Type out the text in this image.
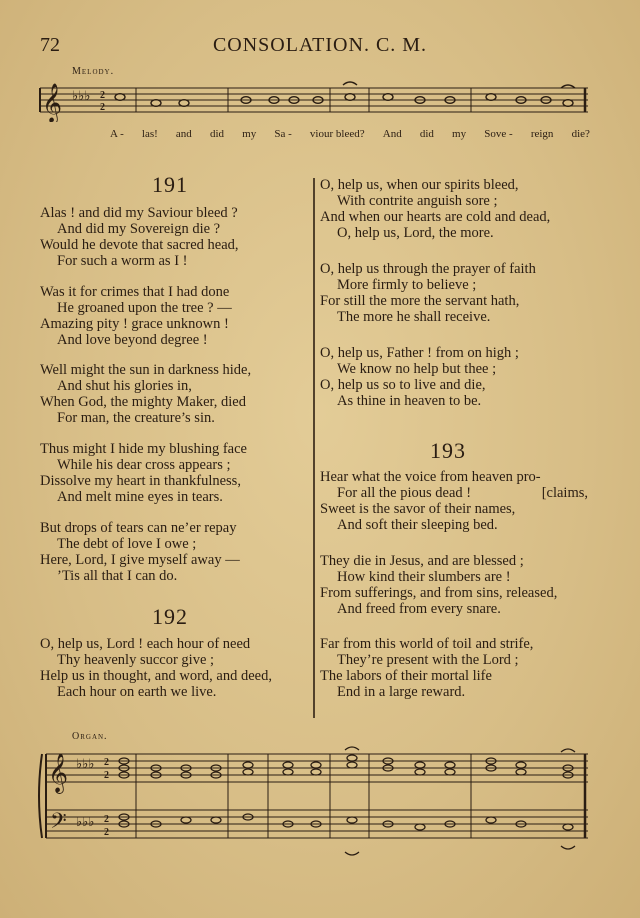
72	CONSOLATION. C. M.
Melody.
𝄞 ♭♭♭ 2
2
A - las! and did my Sa - viour bleed? And did my Sove - reign die?
191
Alas ! and did my Saviour bleed ?
And did my Sovereign die ?
Would he devote that sacred head,
For such a worm as I !
Was it for crimes that I had done
He groaned upon the tree ? —
Amazing pity ! grace unknown !
And love beyond degree !
Well might the sun in darkness hide,
And shut his glories in,
When God, the mighty Maker, died
For man, the creature’s sin.
Thus might I hide my blushing face
While his dear cross appears ;
Dissolve my heart in thankfulness,
And melt mine eyes in tears.
But drops of tears can ne’er repay
The debt of love I owe ;
Here, Lord, I give myself away —
’Tis all that I can do.
192
O, help us, Lord ! each hour of need
Thy heavenly succor give ;
Help us in thought, and word, and deed,
Each hour on earth we live.
O, help us, when our spirits bleed,
With contrite anguish sore ;
And when our hearts are cold and dead,
O, help us, Lord, the more.
O, help us through the prayer of faith
More firmly to believe ;
For still the more the servant hath,
The more he shall receive.
O, help us, Father ! from on high ;
We know no help but thee ;
O, help us so to live and die,
As thine in heaven to be.
193
Hear what the voice from heaven pro-
For all the pious dead !	[claims,
Sweet is the savor of their names,
And soft their sleeping bed.
They die in Jesus, and are blessed ;
How kind their slumbers are !
From sufferings, and from sins, released,
And freed from every snare.
Far from this world of toil and strife,
They’re present with the Lord ;
The labors of their mortal life
End in a large reward.
Organ.
𝄞
𝄢
♭♭♭
♭♭♭
2
2
2
2
